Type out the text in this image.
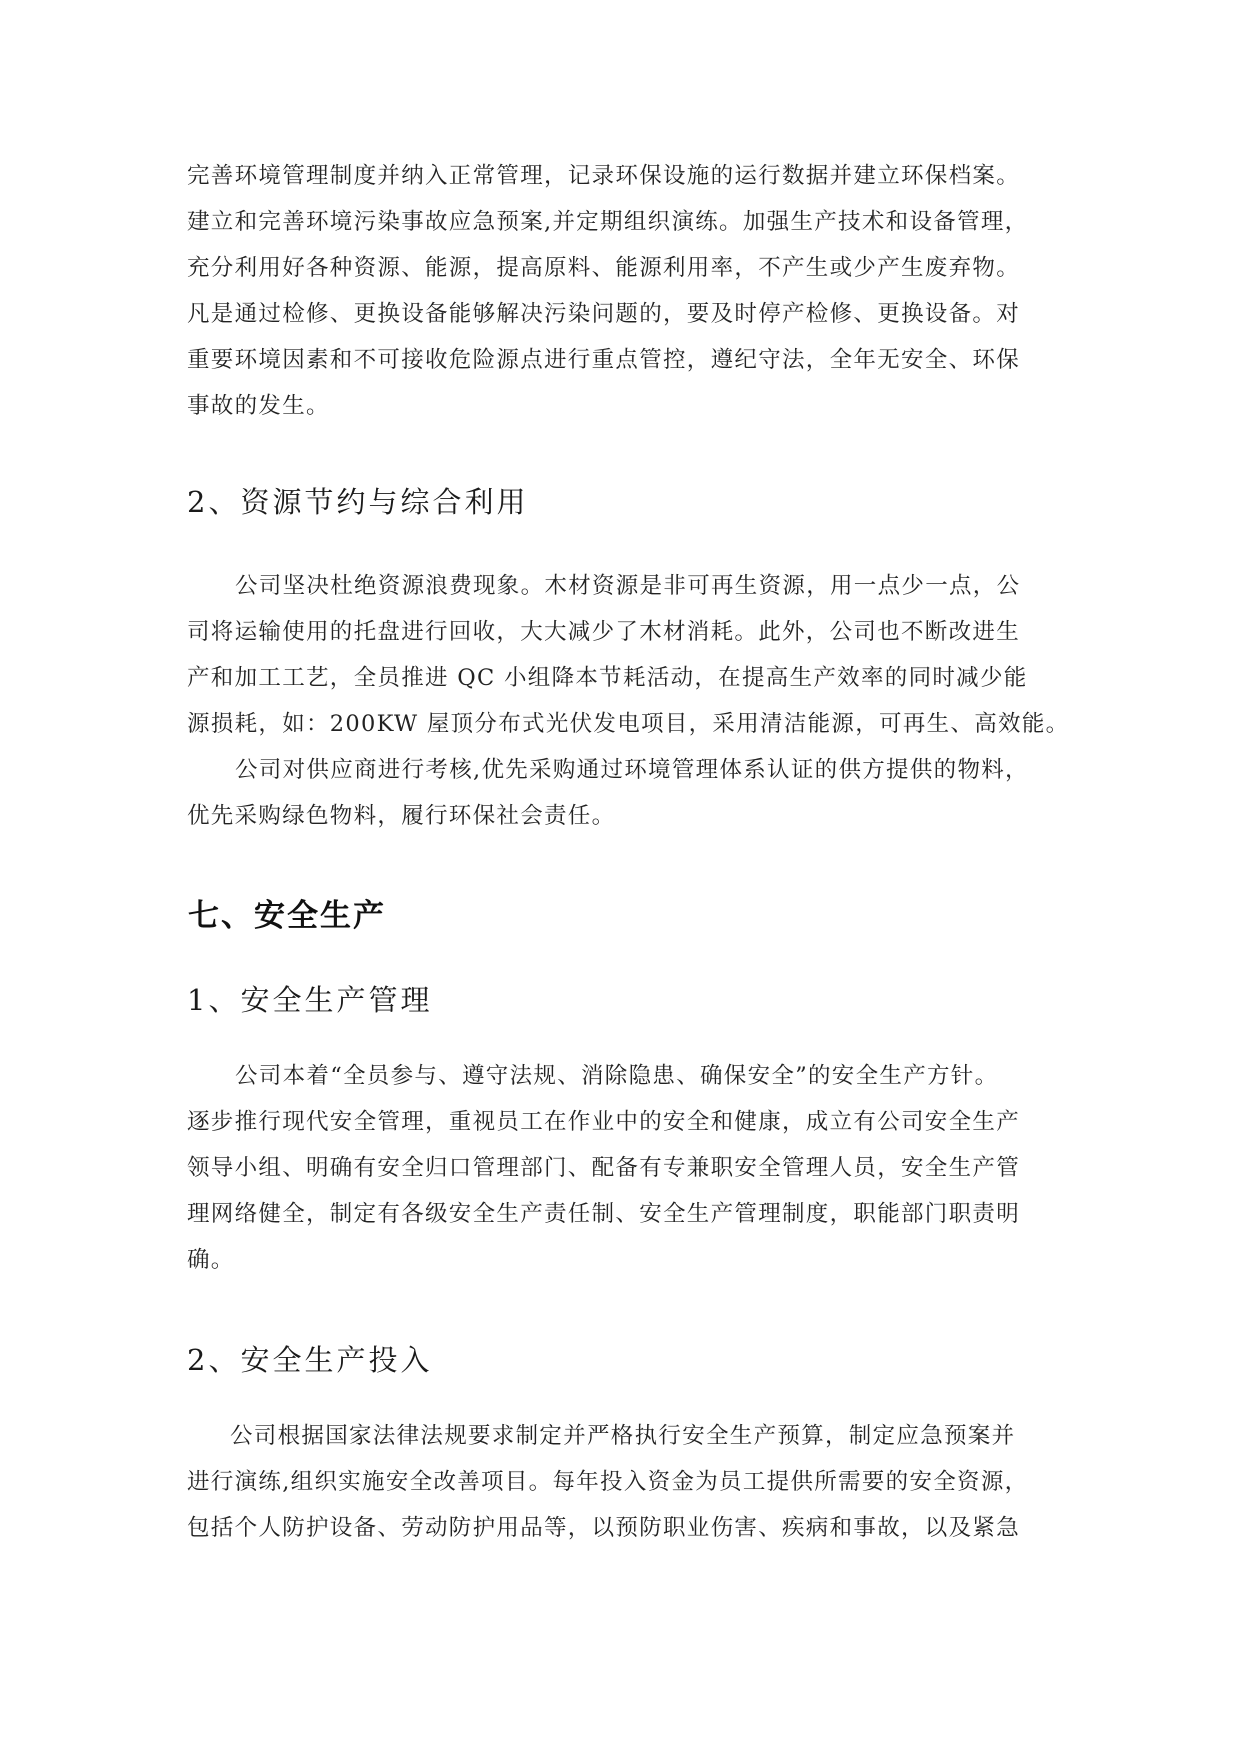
完善环境管理制度并纳入正常管理，记录环保设施的运行数据并建立环保档案。
建立和完善环境污染事故应急预案,并定期组织演练。加强生产技术和设备管理，
充分利用好各种资源、能源，提高原料、能源利用率，不产生或少产生废弃物。
凡是通过检修、更换设备能够解决污染问题的，要及时停产检修、更换设备。对
重要环境因素和不可接收危险源点进行重点管控，遵纪守法，全年无安全、环保
事故的发生。
2、资源节约与综合利用
公司坚决杜绝资源浪费现象。木材资源是非可再生资源，用一点少一点，公
司将运输使用的托盘进行回收，大大减少了木材消耗。此外，公司也不断改进生
产和加工工艺，全员推进 QC 小组降本节耗活动，在提高生产效率的同时减少能
源损耗，如：200KW 屋顶分布式光伏发电项目，采用清洁能源，可再生、高效能。
公司对供应商进行考核,优先采购通过环境管理体系认证的供方提供的物料，
优先采购绿色物料，履行环保社会责任。
七、安全生产
1、安全生产管理
公司本着“全员参与、遵守法规、消除隐患、确保安全”的安全生产方针。
逐步推行现代安全管理，重视员工在作业中的安全和健康，成立有公司安全生产
领导小组、明确有安全归口管理部门、配备有专兼职安全管理人员，安全生产管
理网络健全，制定有各级安全生产责任制、安全生产管理制度，职能部门职责明
确。
2、安全生产投入
公司根据国家法律法规要求制定并严格执行安全生产预算，制定应急预案并
进行演练,组织实施安全改善项目。每年投入资金为员工提供所需要的安全资源，
包括个人防护设备、劳动防护用品等，以预防职业伤害、疾病和事故，以及紧急
